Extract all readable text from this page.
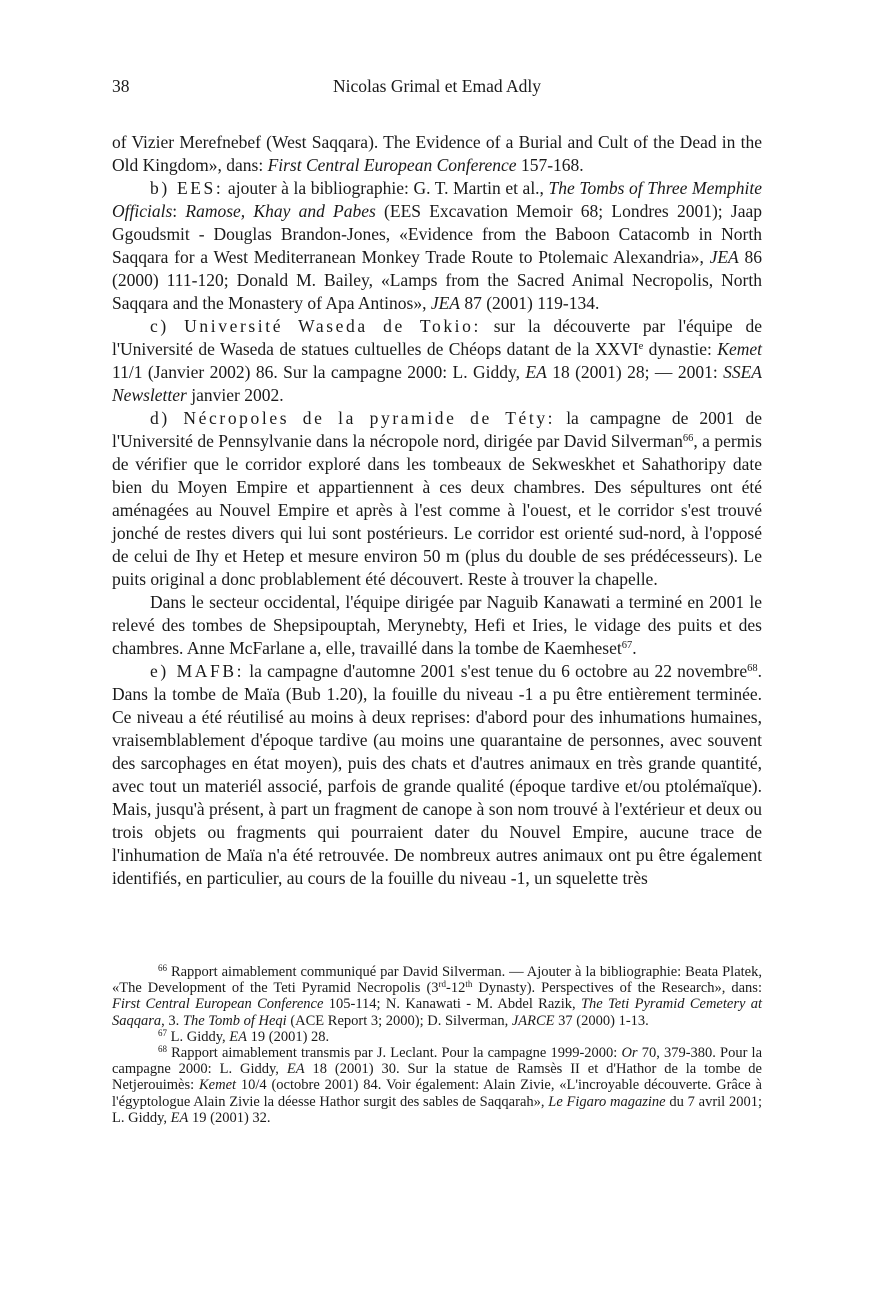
38	Nicolas Grimal et Emad Adly

of Vizier Merefnebef (West Saqqara). The Evidence of a Burial and Cult of the Dead in the Old Kingdom», dans: First Central European Conference 157-168.

b) EES: ajouter à la bibliographie: G. T. Martin et al., The Tombs of Three Memphite Officials: Ramose, Khay and Pabes (EES Excavation Memoir 68; Londres 2001); Jaap Ggoudsmit - Douglas Brandon-Jones, «Evidence from the Baboon Catacomb in North Saqqara for a West Mediterranean Monkey Trade Route to Ptolemaic Alexandria», JEA 86 (2000) 111-120; Donald M. Bailey, «Lamps from the Sacred Animal Necropolis, North Saqqara and the Monastery of Apa Antinos», JEA 87 (2001) 119-134.

c) Université Waseda de Tokio: sur la découverte par l'équipe de l'Université de Waseda de statues cultuelles de Chéops datant de la XXVIe dynastie: Kemet 11/1 (Janvier 2002) 86. Sur la campagne 2000: L. Giddy, EA 18 (2001) 28; — 2001: SSEA Newsletter janvier 2002.

d) Nécropoles de la pyramide de Téty: la campagne de 2001 de l'Université de Pennsylvanie dans la nécropole nord, dirigée par David Silverman$^{66}$, a permis de vérifier que le corridor exploré dans les tombeaux de Sekweskhet et Sahathoripy date bien du Moyen Empire et appartiennent à ces deux chambres. Des sépultures ont été aménagées au Nouvel Empire et après à l'est comme à l'ouest, et le corridor s'est trouvé jonché de restes divers qui lui sont postérieurs. Le corridor est orienté sud-nord, à l'opposé de celui de Ihy et Hetep et mesure environ 50 m (plus du double de ses prédécesseurs). Le puits original a donc problablement été découvert. Reste à trouver la chapelle.

Dans le secteur occidental, l'équipe dirigée par Naguib Kanawati a terminé en 2001 le relevé des tombes de Shepsipouptah, Merynebty, Hefi et Iries, le vidage des puits et des chambres. Anne McFarlane a, elle, travaillé dans la tombe de Kaemheset$^{67}$.

e) MAFB: la campagne d'automne 2001 s'est tenue du 6 octobre au 22 novembre$^{68}$. Dans la tombe de Maïa (Bub 1.20), la fouille du niveau -1 a pu être entièrement terminée. Ce niveau a été réutilisé au moins à deux reprises: d'abord pour des inhumations humaines, vraisemblablement d'époque tardive (au moins une quarantaine de personnes, avec souvent des sarcophages en état moyen), puis des chats et d'autres animaux en très grande quantité, avec tout un materiél associé, parfois de grande qualité (époque tardive et/ou ptolémaïque). Mais, jusqu'à présent, à part un fragment de canope à son nom trouvé à l'extérieur et deux ou trois objets ou fragments qui pourraient dater du Nouvel Empire, aucune trace de l'inhumation de Maïa n'a été retrouvée. De nombreux autres animaux ont pu être également identifiés, en particulier, au cours de la fouille du niveau -1, un squelette très

$^{66}$ Rapport aimablement communiqué par David Silverman. — Ajouter à la bibliographie: Beata Platek, «The Development of the Teti Pyramid Necropolis (3rd-12th Dynasty). Perspectives of the Research», dans: First Central European Conference 105-114; N. Kanawati - M. Abdel Razik, The Teti Pyramid Cemetery at Saqqara, 3. The Tomb of Heqi (ACE Report 3; 2000); D. Silverman, JARCE 37 (2000) 1-13.

$^{67}$ L. Giddy, EA 19 (2001) 28.

$^{68}$ Rapport aimablement transmis par J. Leclant. Pour la campagne 1999-2000: Or 70, 379-380. Pour la campagne 2000: L. Giddy, EA 18 (2001) 30. Sur la statue de Ramsès II et d'Hathor de la tombe de Netjerouimès: Kemet 10/4 (octobre 2001) 84. Voir également: Alain Zivie, «L'incroyable découverte. Grâce à l'égyptologue Alain Zivie la déesse Hathor surgit des sables de Saqqarah», Le Figaro magazine du 7 avril 2001; L. Giddy, EA 19 (2001) 32.
